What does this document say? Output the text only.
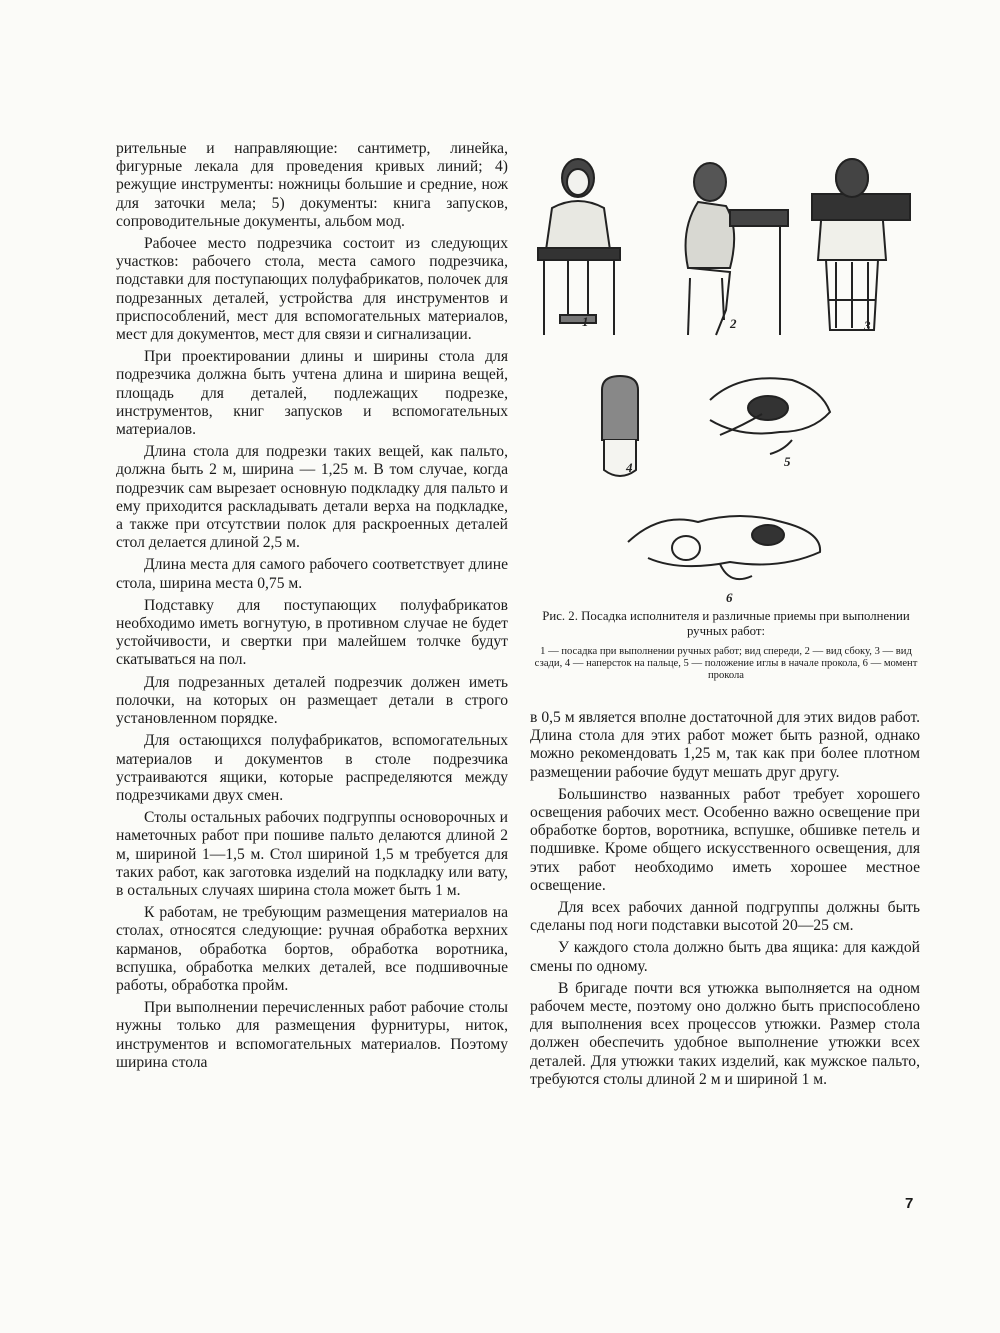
рительные и направляющие: сантиметр, линейка, фигурные лекала для проведения кривых линий; 4) режущие инструменты: ножницы большие и средние, нож для заточки мела; 5) документы: книга запусков, сопроводительные документы, альбом мод.

Рабочее место подрезчика состоит из следующих участков: рабочего стола, места самого подрезчика, подставки для поступающих полуфабрикатов, полочек для подрезанных деталей, устройства для инструментов и приспособлений, мест для вспомогательных материалов, мест для документов, мест для связи и сигнализации.

При проектировании длины и ширины стола для подрезчика должна быть учтена длина и ширина вещей, площадь для деталей, подлежащих подрезке, инструментов, книг запусков и вспомогательных материалов.

Длина стола для подрезки таких вещей, как пальто, должна быть 2 м, ширина — 1,25 м. В том случае, когда подрезчик сам вырезает основную подкладку для пальто и ему приходится раскладывать детали верха на подкладке, а также при отсутствии полок для раскроенных деталей стол делается длиной 2,5 м.

Длина места для самого рабочего соответствует длине стола, ширина места 0,75 м.

Подставку для поступающих полуфабрикатов необходимо иметь вогнутую, в противном случае не будет устойчивости, и свертки при малейшем толчке будут скатываться на пол.

Для подрезанных деталей подрезчик должен иметь полочки, на которых он размещает детали в строго установленном порядке.

Для остающихся полуфабрикатов, вспомогательных материалов и документов в столе подрезчика устраиваются ящики, которые распределяются между подрезчиками двух смен.

Столы остальных рабочих подгруппы основорочных и наметочных работ при пошиве пальто делаются длиной 2 м, шириной 1—1,5 м. Стол шириной 1,5 м требуется для таких работ, как заготовка изделий на подкладку или вату, в остальных случаях ширина стола может быть 1 м.

К работам, не требующим размещения материалов на столах, относятся следующие: ручная обработка верхних карманов, обработка бортов, обработка воротника, вспушка, обработка мелких деталей, все подшивочные работы, обработка пройм.

При выполнении перечисленных работ рабочие столы нужны только для размещения фурнитуры, ниток, инструментов и вспомогательных материалов. Поэтому ширина стола

1	2	3
4	5
6
Рис. 2. Посадка исполнителя и различные приемы при выполнении ручных работ:
1 — посадка при выполнении ручных работ; вид спереди, 2 — вид сбоку, 3 — вид сзади, 4 — наперсток на пальце, 5 — положение иглы в начале прокола, 6 — момент прокола

в 0,5 м является вполне достаточной для этих видов работ. Длина стола для этих работ может быть разной, однако можно рекомендовать 1,25 м, так как при более плотном размещении рабочие будут мешать друг другу.

Большинство названных работ требует хорошего освещения рабочих мест. Особенно важно освещение при обработке бортов, воротника, вспушке, обшивке петель и подшивке. Кроме общего искусственного освещения, для этих работ необходимо иметь хорошее местное освещение.

Для всех рабочих данной подгруппы должны быть сделаны под ноги подставки высотой 20—25 см.

У каждого стола должно быть два ящика: для каждой смены по одному.

В бригаде почти вся утюжка выполняется на одном рабочем месте, поэтому оно должно быть приспособлено для выполнения всех процессов утюжки. Размер стола должен обеспечить удобное выполнение утюжки всех деталей. Для утюжки таких изделий, как мужское пальто, требуются столы длиной 2 м и шириной 1 м.

7
